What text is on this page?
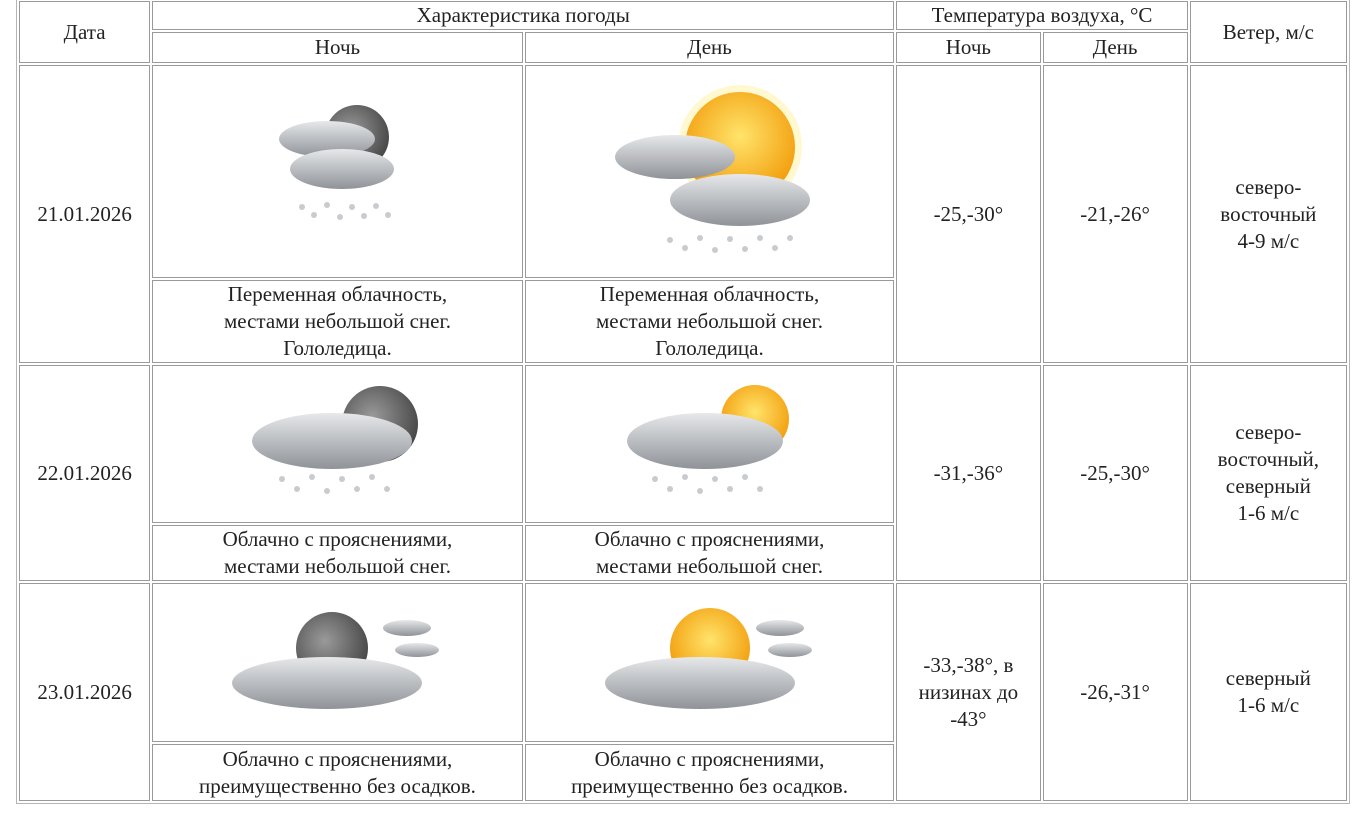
Дата	Характеристика погоды		Температура воздуха, °С		Ветер, м/с
	Ночь	День	Ночь	День	
21.01.2026			-25,-30°	-21,-26°	северо-
восточный
4-9 м/с

	Переменная облачность,
местами небольшой снег.
Гололедица.	Переменная облачность,
местами небольшой снег.
Гололедица.			

22.01.2026			-31,-36°	-25,-30°	северо-
восточный,
северный
1-6 м/с

	Облачно с прояснениями,
местами небольшой снег.	Облачно с прояснениями,
местами небольшой снег.			

23.01.2026			-33,-38°, в
низинах до
-43°	-26,-31°	северный
1-6 м/с

	Облачно с прояснениями,
преимущественно без осадков.	Облачно с прояснениями,
преимущественно без осадков.			
